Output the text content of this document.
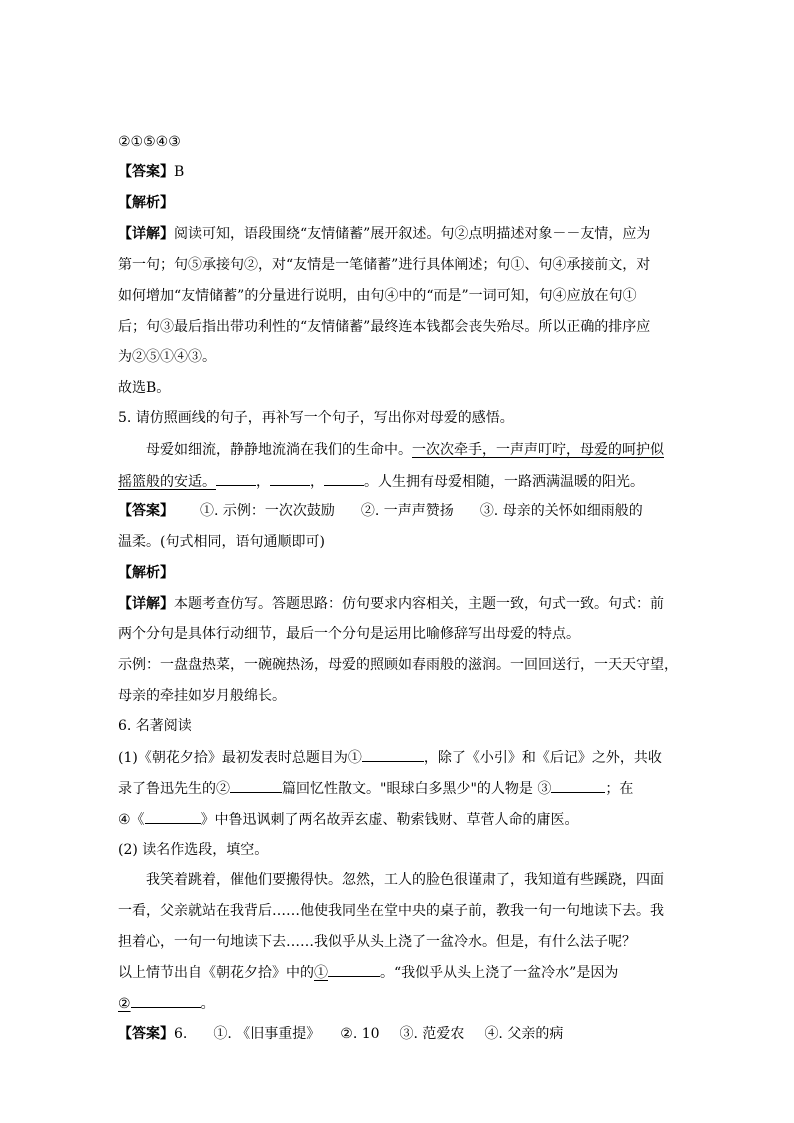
②①⑤④③
【答案】B
【解析】
【详解】阅读可知，语段围绕“友情储蓄”展开叙述。句②点明描述对象－－友情，应为
第一句；句⑤承接句②，对“友情是一笔储蓄”进行具体阐述；句①、句④承接前文，对
如何增加“友情储蓄”的分量进行说明，由句④中的“而是”一词可知，句④应放在句①
后；句③最后指出带功利性的“友情储蓄”最终连本钱都会丧失殆尽。所以正确的排序应
为②⑤①④③。
故选B。
5. 请仿照画线的句子，再补写一个句子，写出你对母爱的感悟。
母爱如细流，静静地流淌在我们的生命中。一次次牵手，一声声叮咛，母爱的呵护似
摇篮般的安适。	，	，	。人生拥有母爱相随，一路洒满温暖的阳光。
【答案】 ①. 示例：一次次鼓励 ②. 一声声赞扬 ③. 母亲的关怀如细雨般的
温柔。(句式相同，语句通顺即可)
【解析】
【详解】本题考查仿写。答题思路：仿句要求内容相关，主题一致，句式一致。句式：前
两个分句是具体行动细节，最后一个分句是运用比喻修辞写出母爱的特点。
示例：一盘盘热菜，一碗碗热汤，母爱的照顾如春雨般的滋润。一回回送行，一天天守望，
母亲的牵挂如岁月般绵长。
6. 名著阅读
(1)《朝花夕拾》最初发表时总题目为①	，除了《小引》和《后记》之外，共收
录了鲁迅先生的②	篇回忆性散文。"眼球白多黑少"的人物是 ③	；在
④《	》中鲁迅讽刺了两名故弄玄虚、勒索钱财、草菅人命的庸医。
(2) 读名作选段，填空。
我笑着跳着，催他们要搬得快。忽然，工人的脸色很谨肃了，我知道有些蹊跷，四面
一看，父亲就站在我背后……他使我同坐在堂中央的桌子前，教我一句一句地读下去。我
担着心，一句一句地读下去……我似乎从头上浇了一盆冷水。但是，有什么法子呢？
以上情节出自《朝花夕拾》中的①	。“我似乎从头上浇了一盆冷水”是因为
②	。
【答案】6. ①. 《旧事重提》 ②. 10 ③. 范爱农 ④. 父亲的病
